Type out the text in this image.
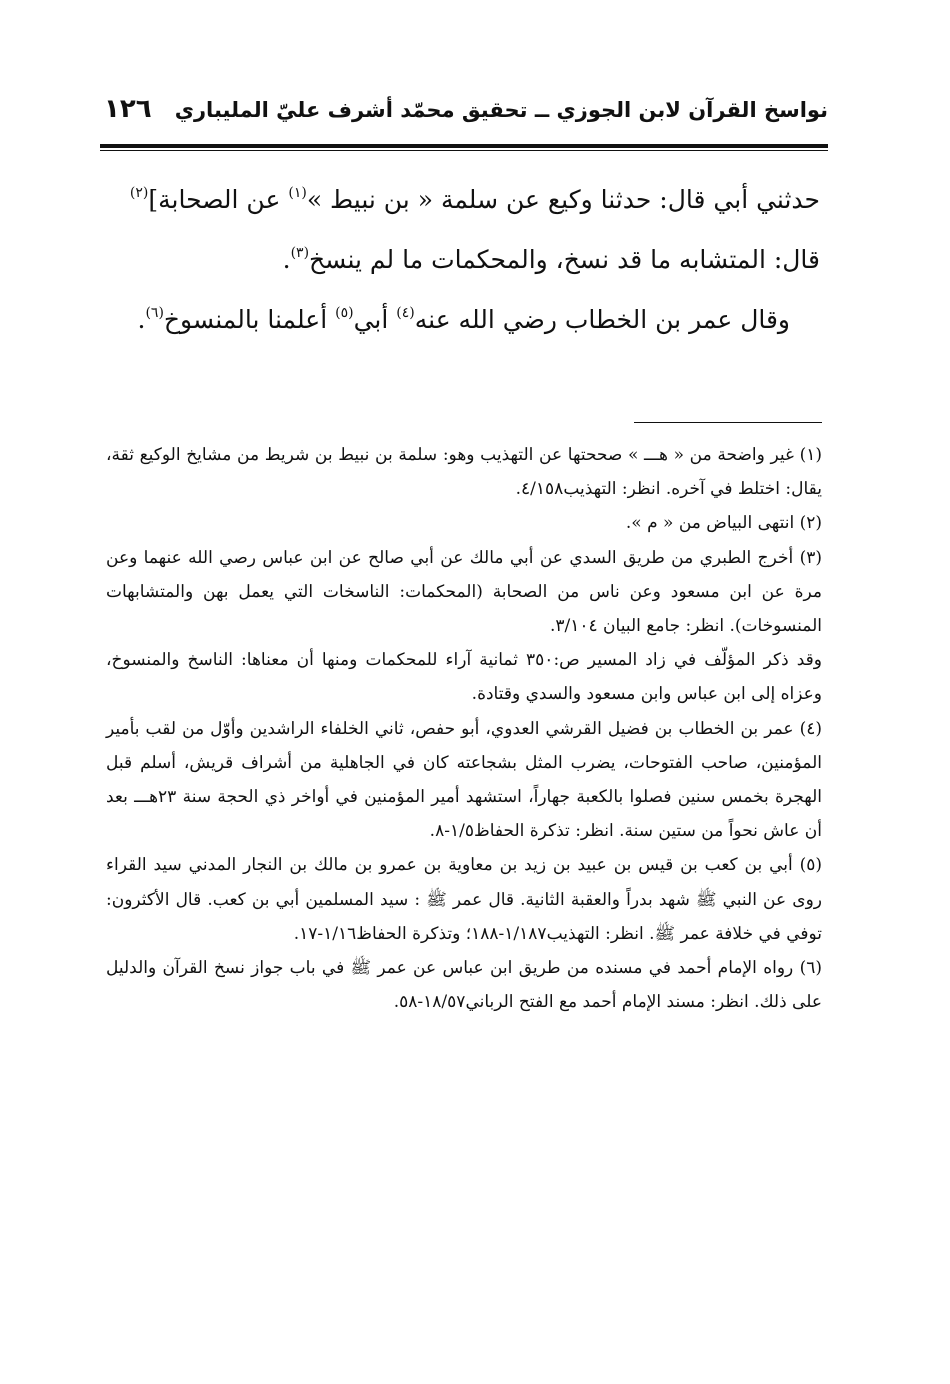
نواسخ القرآن لابن الجوزي ــ تحقيق محمّد أشرف عليّ المليباري
١٢٦

حدثني أبي قال: حدثنا وكيع عن سلمة « بن نبيط »$^{(١)}$ عن الصحابة]$^{(٢)}$

قال: المتشابه ما قد نسخ، والمحكمات ما لم ينسخ$^{(٣)}$.

وقال عمر بن الخطاب رضي الله عنه$^{(٤)}$ أبي$^{(٥)}$ أعلمنا بالمنسوخ$^{(٦)}$.

(١) غير واضحة من « هـــ » صححتها عن التهذيب وهو: سلمة بن نبيط بن شريط من مشايخ الوكيع ثقة، يقال: اختلط في آخره. انظر: التهذيب٤/١٥٨.

(٢) انتهى البياض من « م ».

(٣) أخرج الطبري من طريق السدي عن أبي مالك عن أبي صالح عن ابن عباس رصي الله عنهما وعن مرة عن ابن مسعود وعن ناس من الصحابة (المحكمات: الناسخات التي يعمل بهن والمتشابهات المنسوخات). انظر: جامع البيان ٣/١٠٤.

وقد ذكر المؤلّف في زاد المسير ص:٣٥٠ ثمانية آراء للمحكمات ومنها أن معناها: الناسخ والمنسوخ، وعزاه إلى ابن عباس وابن مسعود والسدي وقتادة.

(٤) عمر بن الخطاب بن فضيل القرشي العدوي، أبو حفص، ثاني الخلفاء الراشدين وأوّل من لقب بأمير المؤمنين، صاحب الفتوحات، يضرب المثل بشجاعته كان في الجاهلية من أشراف قريش، أسلم قبل الهجرة بخمس سنين فصلوا بالكعبة جهاراً، استشهد أمير المؤمنين في أواخر ذي الحجة سنة ٢٣هـــ بعد أن عاش نحواً من ستين سنة. انظر: تذكرة الحفاظ١/٥-٨.

(٥) أبي بن كعب بن قيس بن عبيد بن زيد بن معاوية بن عمرو بن مالك بن النجار المدني سيد القراء روى عن النبي ﷺ شهد بدراً والعقبة الثانية. قال عمر ﷺ : سيد المسلمين أبي بن كعب. قال الأكثرون: توفي في خلافة عمر ﷺ. انظر: التهذيب١/١٨٧-١٨٨؛ وتذكرة الحفاظ١/١٦-١٧.

(٦) رواه الإمام أحمد في مسنده من طريق ابن عباس عن عمر ﷺ في باب جواز نسخ القرآن والدليل على ذلك. انظر: مسند الإمام أحمد مع الفتح الرباني١٨/٥٧-٥٨.
